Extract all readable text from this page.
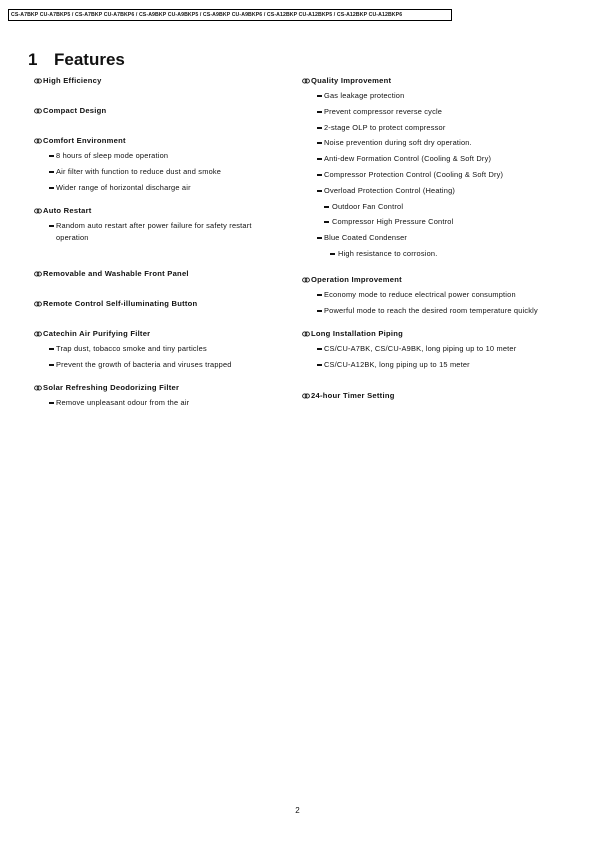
CS-A7BKP CU-A7BKP5 / CS-A7BKP CU-A7BKP6 / CS-A9BKP CU-A9BKP5 / CS-A9BKP CU-A9BKP6 / CS-A12BKP CU-A12BKP5 / CS-A12BKP CU-A12BKP6
1 Features
High Efficiency
Compact Design
Comfort Environment
8 hours of sleep mode operation
Air filter with function to reduce dust and smoke
Wider range of horizontal discharge air
Auto Restart
Random auto restart after power failure for safety restart operation
Removable and Washable Front Panel
Remote Control Self-illuminating Button
Catechin Air Purifying Filter
Trap dust, tobacco smoke and tiny particles
Prevent the growth of bacteria and viruses trapped
Solar Refreshing Deodorizing Filter
Remove unpleasant odour from the air
Quality Improvement
Gas leakage protection
Prevent compressor reverse cycle
2-stage OLP to protect compressor
Noise prevention during soft dry operation.
Anti-dew Formation Control (Cooling & Soft Dry)
Compressor Protection Control (Cooling & Soft Dry)
Overload Protection Control (Heating)
Outdoor Fan Control
Compressor High Pressure Control
Blue Coated Condenser
High resistance to corrosion.
Operation Improvement
Economy mode to reduce electrical power consumption
Powerful mode to reach the desired room temperature quickly
Long Installation Piping
CS/CU-A7BK, CS/CU-A9BK, long piping up to 10 meter
CS/CU-A12BK, long piping up to 15 meter
24-hour Timer Setting
2
